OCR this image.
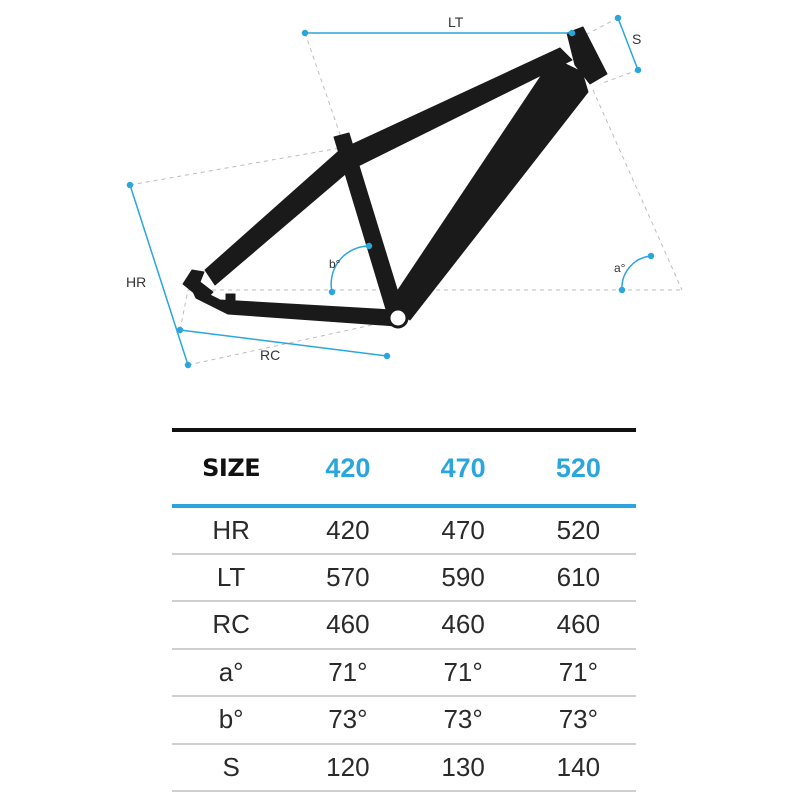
LT
S
HR
RC
b°	a°
SIZE	420	470	520
HR	420	470	520
LT	570	590	610
RC	460	460	460
a°	71°	71°	71°
b°	73°	73°	73°
S	120	130	140
